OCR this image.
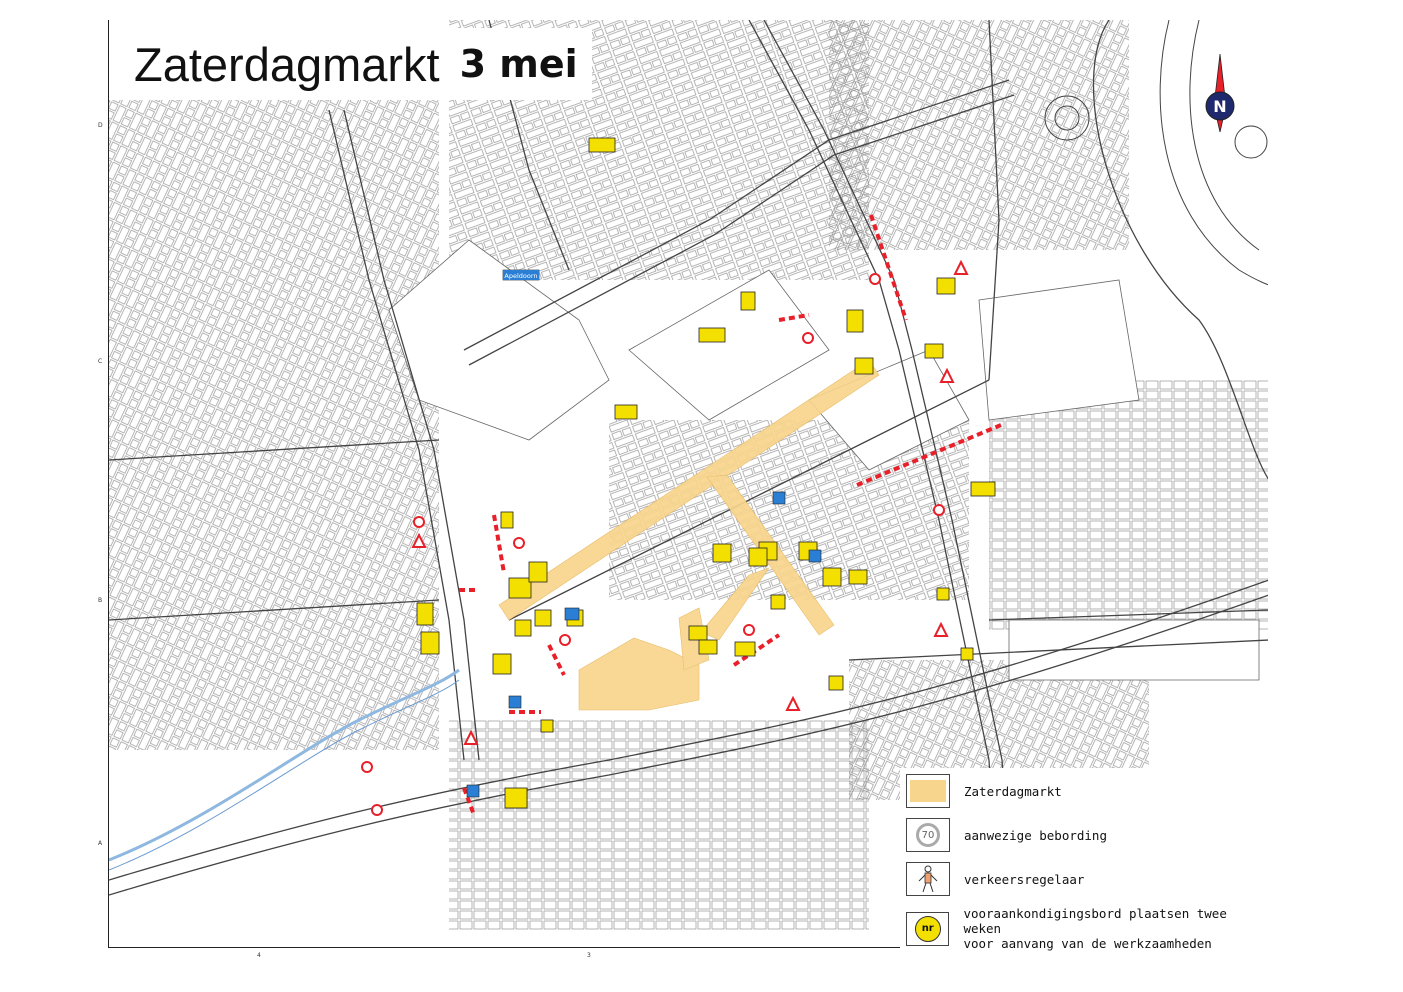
Apeldoorn
Zaterdagmarkt 3 mei
N
D
C
B
A
4	3
Zaterdagmarkt
70	aanwezige bebording
verkeersregelaar
nr
vooraankondigingsbord plaatsen twee weken
voor aanvang van de werkzaamheden
